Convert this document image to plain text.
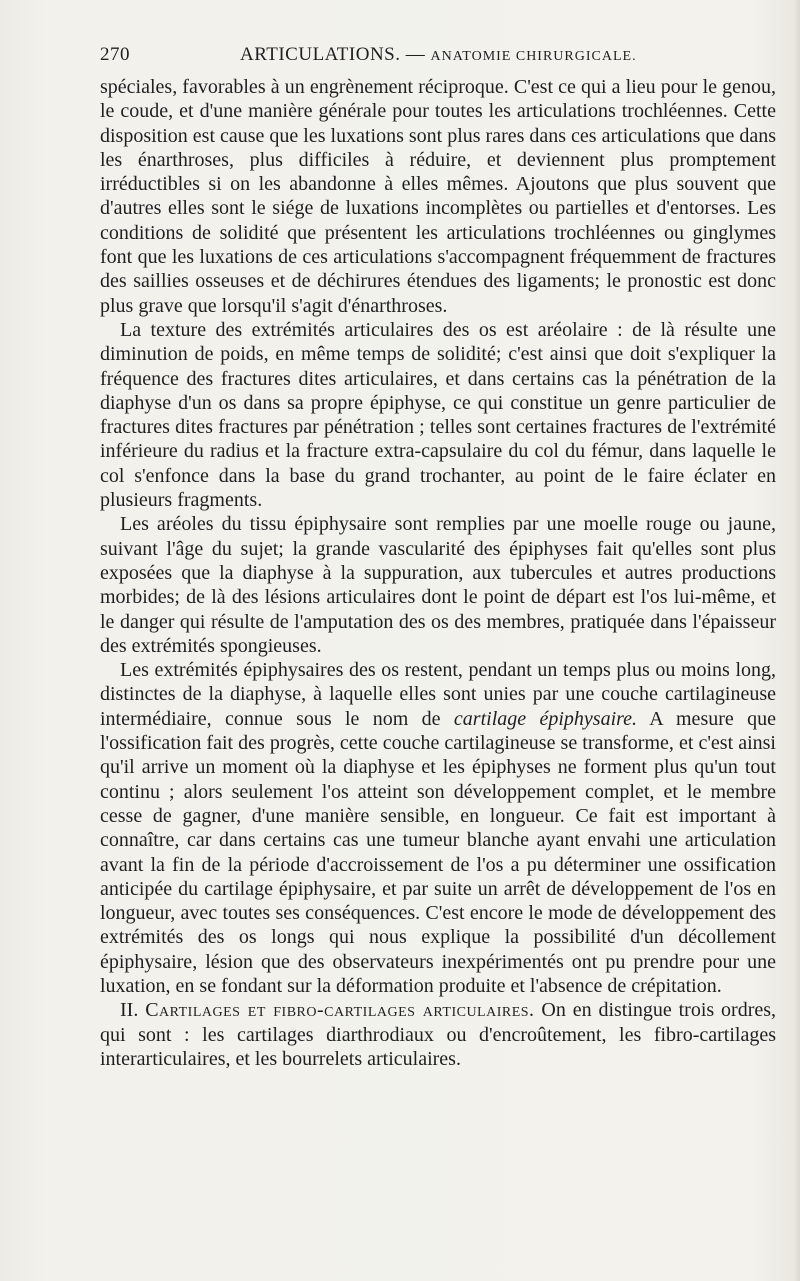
270	ARTICULATIONS. — ANATOMIE CHIRURGICALE.

spéciales, favorables à un engrènement réciproque. C'est ce qui a lieu pour le genou, le coude, et d'une manière générale pour toutes les articulations trochléennes. Cette disposition est cause que les luxations sont plus rares dans ces articulations que dans les énarthroses, plus difficiles à réduire, et deviennent plus promptement irréductibles si on les abandonne à elles mêmes. Ajoutons que plus souvent que d'autres elles sont le siége de luxations incomplètes ou partielles et d'entorses. Les conditions de solidité que présentent les articulations trochléennes ou ginglymes font que les luxations de ces articulations s'accompagnent fréquemment de fractures des saillies osseuses et de déchirures étendues des ligaments; le pronostic est donc plus grave que lorsqu'il s'agit d'énarthroses.

La texture des extrémités articulaires des os est aréolaire : de là résulte une diminution de poids, en même temps de solidité; c'est ainsi que doit s'expliquer la fréquence des fractures dites articulaires, et dans certains cas la pénétration de la diaphyse d'un os dans sa propre épiphyse, ce qui constitue un genre particulier de fractures dites fractures par pénétration ; telles sont certaines fractures de l'extrémité inférieure du radius et la fracture extra-capsulaire du col du fémur, dans laquelle le col s'enfonce dans la base du grand trochanter, au point de le faire éclater en plusieurs fragments.

Les aréoles du tissu épiphysaire sont remplies par une moelle rouge ou jaune, suivant l'âge du sujet; la grande vascularité des épiphyses fait qu'elles sont plus exposées que la diaphyse à la suppuration, aux tubercules et autres productions morbides; de là des lésions articulaires dont le point de départ est l'os lui-même, et le danger qui résulte de l'amputation des os des membres, pratiquée dans l'épaisseur des extrémités spongieuses.

Les extrémités épiphysaires des os restent, pendant un temps plus ou moins long, distinctes de la diaphyse, à laquelle elles sont unies par une couche cartilagineuse intermédiaire, connue sous le nom de cartilage épiphysaire. A mesure que l'ossification fait des progrès, cette couche cartilagineuse se transforme, et c'est ainsi qu'il arrive un moment où la diaphyse et les épiphyses ne forment plus qu'un tout continu ; alors seulement l'os atteint son développement complet, et le membre cesse de gagner, d'une manière sensible, en longueur. Ce fait est important à connaître, car dans certains cas une tumeur blanche ayant envahi une articulation avant la fin de la période d'accroissement de l'os a pu déterminer une ossification anticipée du cartilage épiphysaire, et par suite un arrêt de développement de l'os en longueur, avec toutes ses conséquences. C'est encore le mode de développement des extrémités des os longs qui nous explique la possibilité d'un décollement épiphysaire, lésion que des observateurs inexpérimentés ont pu prendre pour une luxation, en se fondant sur la déformation produite et l'absence de crépitation.

II. Cartilages et fibro-cartilages articulaires. On en distingue trois ordres, qui sont : les cartilages diarthrodiaux ou d'encroûtement, les fibro-cartilages interarticulaires, et les bourrelets articulaires.
